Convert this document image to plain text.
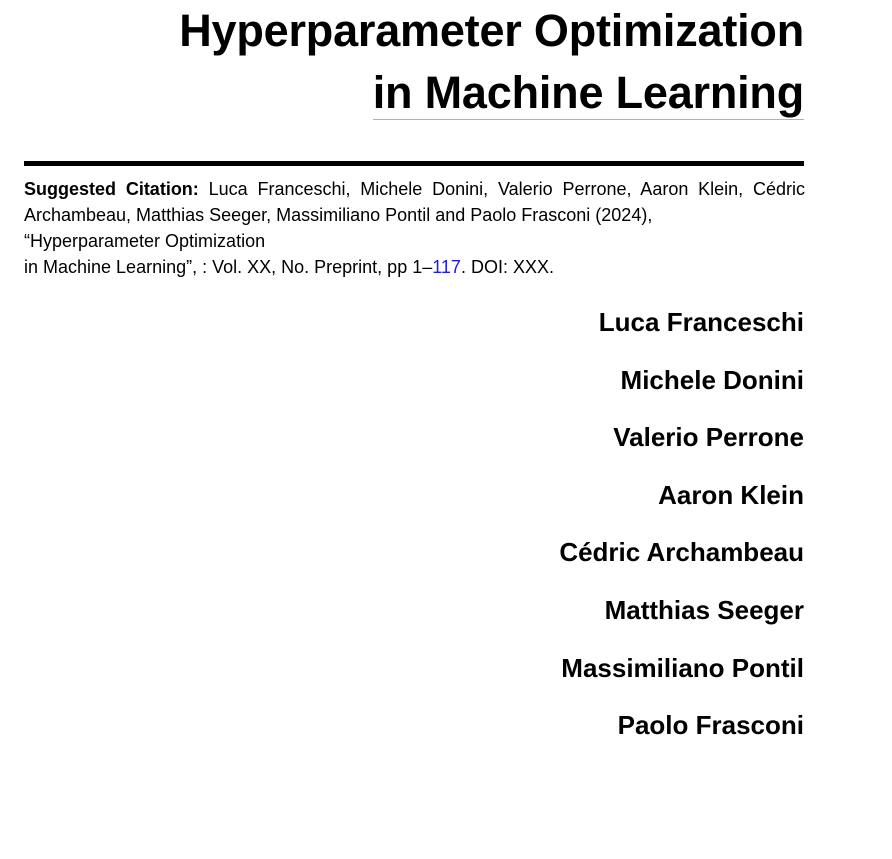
Hyperparameter Optimization
in Machine Learning
Suggested Citation: Luca Franceschi, Michele Donini, Valerio Perrone, Aaron Klein, Cédric Archambeau, Matthias Seeger, Massimiliano Pontil and Paolo Frasconi (2024),
“Hyperparameter Optimization
in Machine Learning”, : Vol. XX, No. Preprint, pp 1–117. DOI: XXX.
Luca Franceschi
Michele Donini
Valerio Perrone
Aaron Klein
Cédric Archambeau
Matthias Seeger
Massimiliano Pontil
Paolo Frasconi
